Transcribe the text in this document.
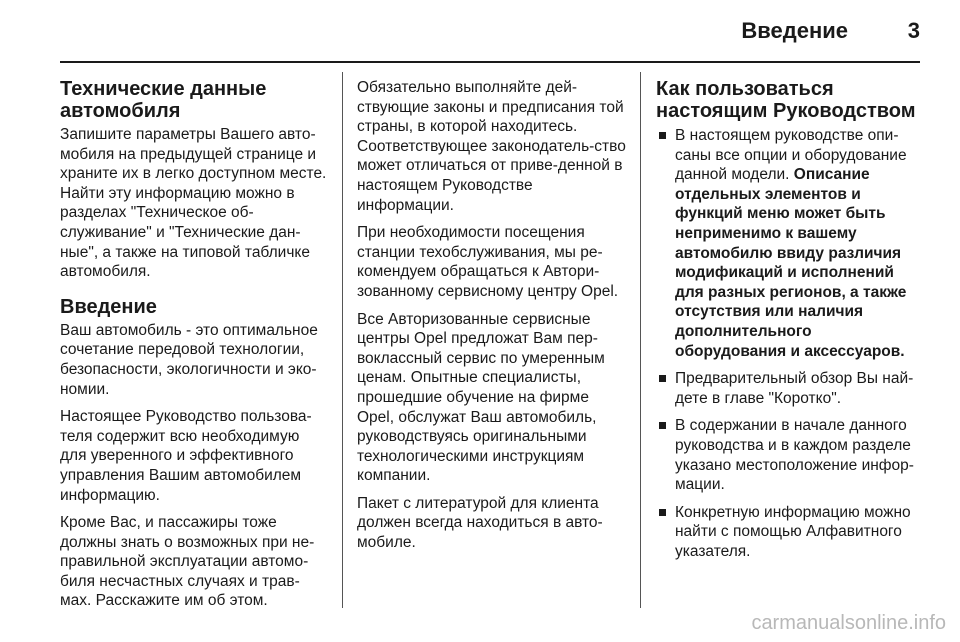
Введение	3
Технические данные автомобиля

Запишите параметры Вашего авто-мобиля на предыдущей странице и храните их в легко доступном месте. Найти эту информацию можно в разделах "Техническое об-служивание" и "Технические дан-ные", а также на типовой табличке автомобиля.

Введение

Ваш автомобиль - это оптимальное сочетание передовой технологии, безопасности, экологичности и эко-номии.

Настоящее Руководство пользова-теля содержит всю необходимую для уверенного и эффективного управления Вашим автомобилем информацию.

Кроме Вас, и пассажиры тоже должны знать о возможных при не-правильной эксплуатации автомо-биля несчастных случаях и трав-мах. Расскажите им об этом.

Обязательно выполняйте дей-ствующие законы и предписания той страны, в которой находитесь. Соответствующее законодатель-ство может отличаться от приве-денной в настоящем Руководстве информации.

При необходимости посещения станции техобслуживания, мы ре-комендуем обращаться к Автори-зованному сервисному центру Opel.

Все Авторизованные сервисные центры Opel предложат Вам пер-воклассный сервис по умеренным ценам. Опытные специалисты, прошедшие обучение на фирме Opel, обслужат Ваш автомобиль, руководствуясь оригинальными технологическими инструкциям компании.

Пакет с литературой для клиента должен всегда находиться в авто-мобиле.

Как пользоваться настоящим Руководством
В настоящем руководстве опи-саны все опции и оборудование данной модели. Описание отдельных элементов и функций меню может быть неприменимо к вашему автомобилю ввиду различия модификаций и исполнений для разных регионов, а также отсутствия или наличия дополнительного оборудования и аксессуаров.
Предварительный обзор Вы най-дете в главе "Коротко".
В содержании в начале данного руководства и в каждом разделе указано местоположение инфор-мации.
Конкретную информацию можно найти с помощью Алфавитного указателя.
carmanualsonline.info
